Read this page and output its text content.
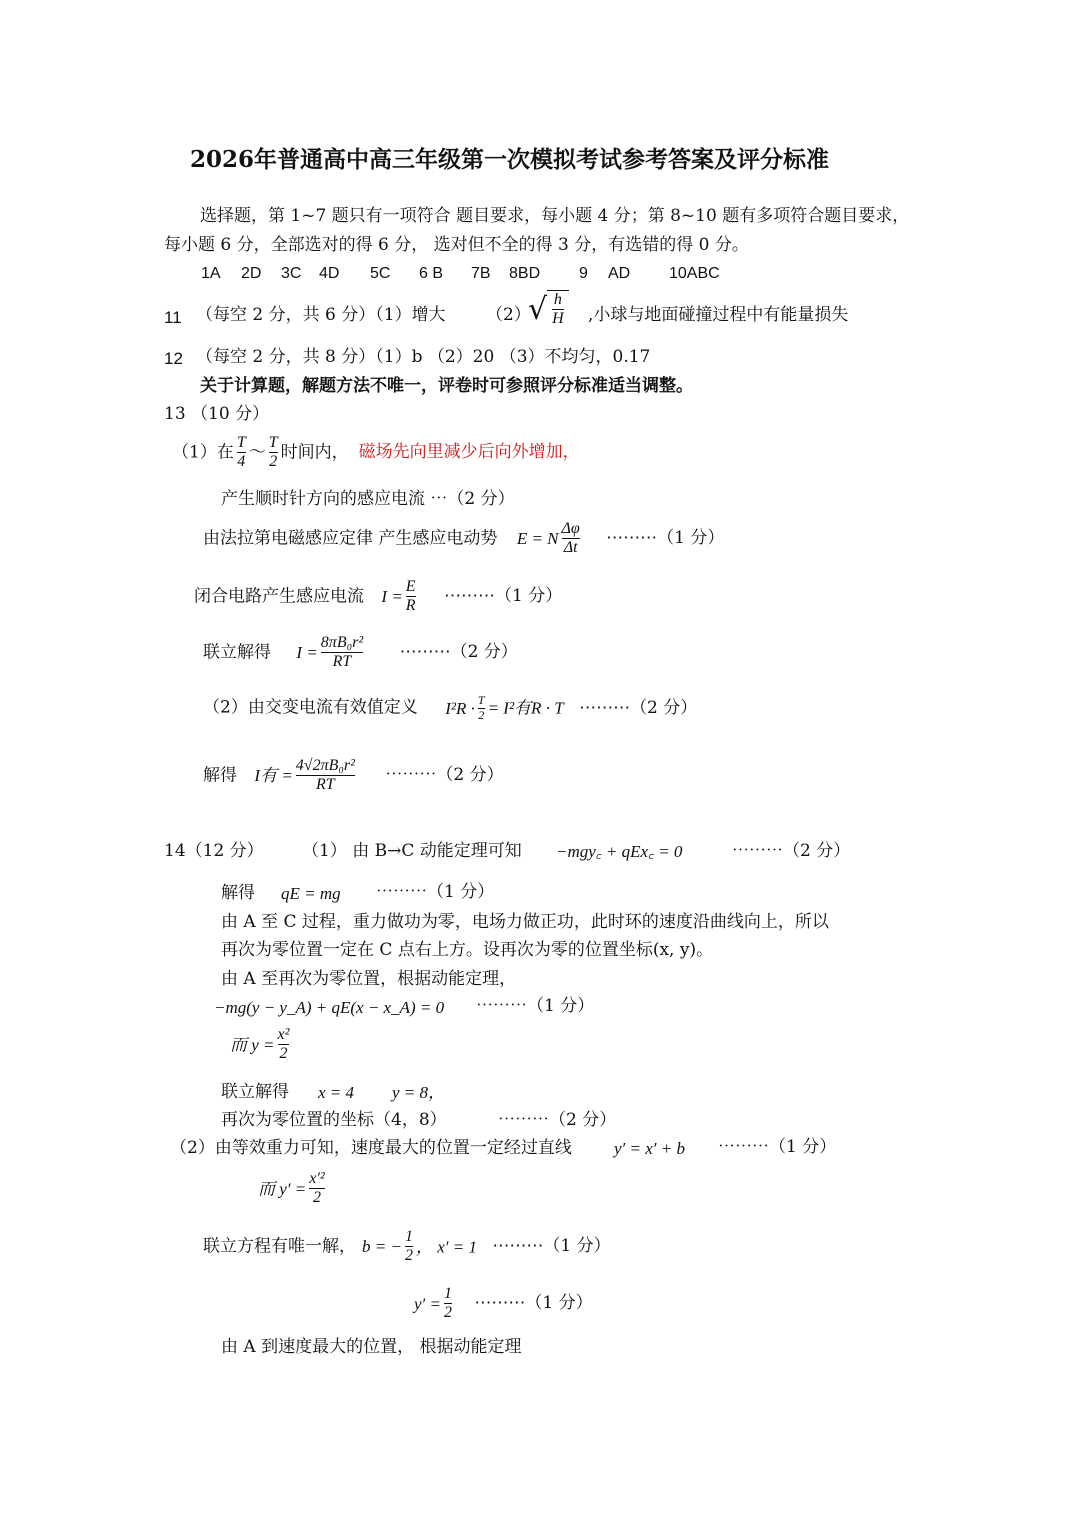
2026年普通高中高三年级第一次模拟考试参考答案及评分标准
选择题，第 1~7 题只有一项符合 题目要求，每小题 4 分；第 8~10 题有多项符合题目要求，
每小题 6 分，全部选对的得 6 分， 选对但不全的得 3 分，有选错的得 0 分。
1A 2D 3C 4D 5C 6 B 7B 8BD 9 AD 10ABC
11 （每空 2 分，共 6 分）（1）增大 （2）
√ $\frac{h}{H}$ ,小球与地面碰撞过程中有能量损失
12 （每空 2 分，共 8 分）（1）b （2）20 （3）不均匀，0.17
关于计算题，解题方法不唯一，评卷时可参照评分标准适当调整。
13 （10 分）
（1）在 $\frac{T}{4}$ ～ $\frac{T}{2}$ 时间内， 磁场先向里减少后向外增加，
产生顺时针方向的感应电流 ⋯（2 分）
由法拉第电磁感应定律 产生感应电动势 E = N $\frac{\Delta\varphi}{\Delta t}$ ⋯⋯⋯（1 分）
闭合电路产生感应电流 $I = \frac{E}{R}$ ⋯⋯⋯（1 分）
联立解得 $I = \frac{\text{8πB₀r²}}{RT}$ ⋯⋯⋯（2 分）
（2）由交变电流有效值定义 $I^2R \cdot \frac{T}{2} = I^2$有R · T ⋯⋯⋯（2 分）
解得 I有 = $\frac{\text{4√2πB₀r²}}{RT}$ ⋯⋯⋯（2 分）
14（12 分） （1） 由 B→C 动能定理可知 −mgy꜀ + qEx꜀ = 0	⋯⋯⋯（2 分）
解得 qE = mg ⋯⋯⋯（1 分）
由 A 至 C 过程，重力做功为零，电场力做正功，此时环的速度沿曲线向上，所以
再次为零位置一定在 C 点右上方。设再次为零的位置坐标(x, y)。
由 A 至再次为零位置，根据动能定理，
−mg(y − y_A) + qE(x − x_A) = 0 ⋯⋯⋯（1 分）
而 $y = \frac{\text{x²}}{2}$
联立解得 x = 4 y = 8，
再次为零位置的坐标（4，8）	⋯⋯⋯（2 分）
（2）由等效重力可知，速度最大的位置一定经过直线 y′ = x′ + b ⋯⋯⋯（1 分）
而 $y' = \frac{\text{x′²}}{2}$
联立方程有唯一解， b = − $\frac{1}{2}$ ， x′ = 1 ⋯⋯⋯（1 分）
$y' = \frac{1}{2}$ ⋯⋯⋯（1 分）
由 A 到速度最大的位置， 根据动能定理
